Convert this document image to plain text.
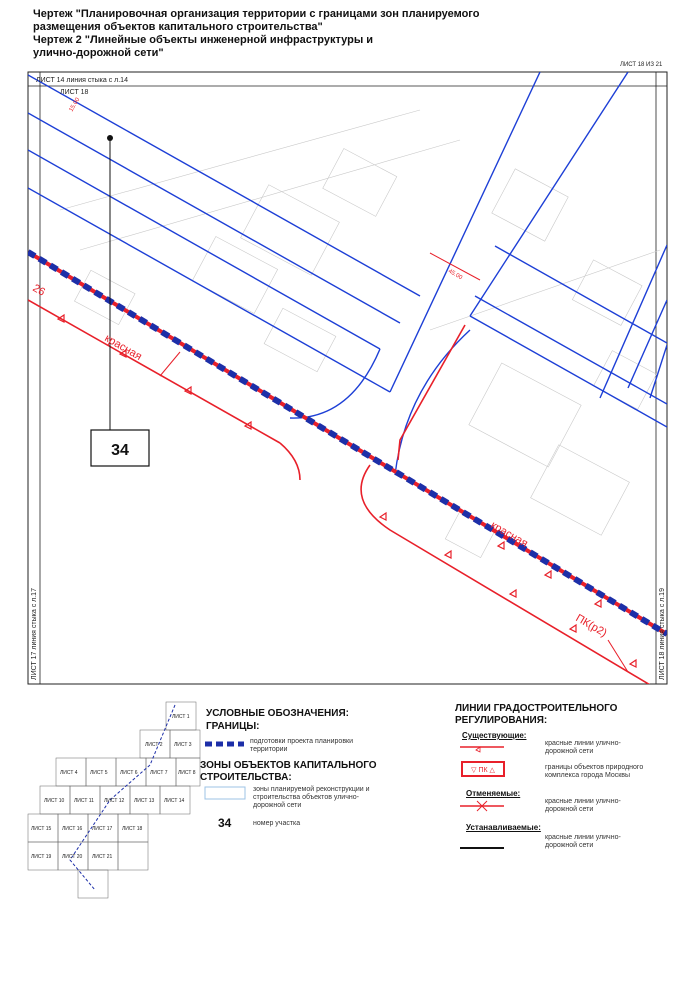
Чертеж "Планировочная организация территории с границами зон планируемого
размещения объектов капитального строительства"
Чертеж 2 "Линейные объекты инженерной инфраструктуры и
улично-дорожной сети"
ЛИСТ 14 линия стыка с л.14
ЛИСТ 18
ЛИСТ 18 ИЗ 21
ЛИСТ 17 линия стыка с л.17	ЛИСТ 18 линия стыка с л.19
45.00
15.00
красная
красная
ПК(р2)
26
34
ЛИСТ 1
ЛИСТ 2 ЛИСТ 3
ЛИСТ 4 ЛИСТ 5 ЛИСТ 6 ЛИСТ 7 ЛИСТ 8
ЛИСТ 10 ЛИСТ 11 ЛИСТ 12 ЛИСТ 13 ЛИСТ 14
ЛИСТ 15 ЛИСТ 16 ЛИСТ 17 ЛИСТ 18
ЛИСТ 19 ЛИСТ 20 ЛИСТ 21
▽ ПК △
УСЛОВНЫЕ ОБОЗНАЧЕНИЯ:
ГРАНИЦЫ:
подготовки проекта планировки территории
ЗОНЫ ОБЪЕКТОВ КАПИТАЛЬНОГО СТРОИТЕЛЬСТВА:
зоны планируемой реконструкции и строительства объектов улично-дорожной сети
34	номер участка
ЛИНИИ ГРАДОСТРОИТЕЛЬНОГО РЕГУЛИРОВАНИЯ:
Существующие:
красные линии улично-дорожной сети
границы объектов природного комплекса города Москвы
Отменяемые:
красные линии улично-дорожной сети
Устанавливаемые:
красные линии улично-дорожной сети
